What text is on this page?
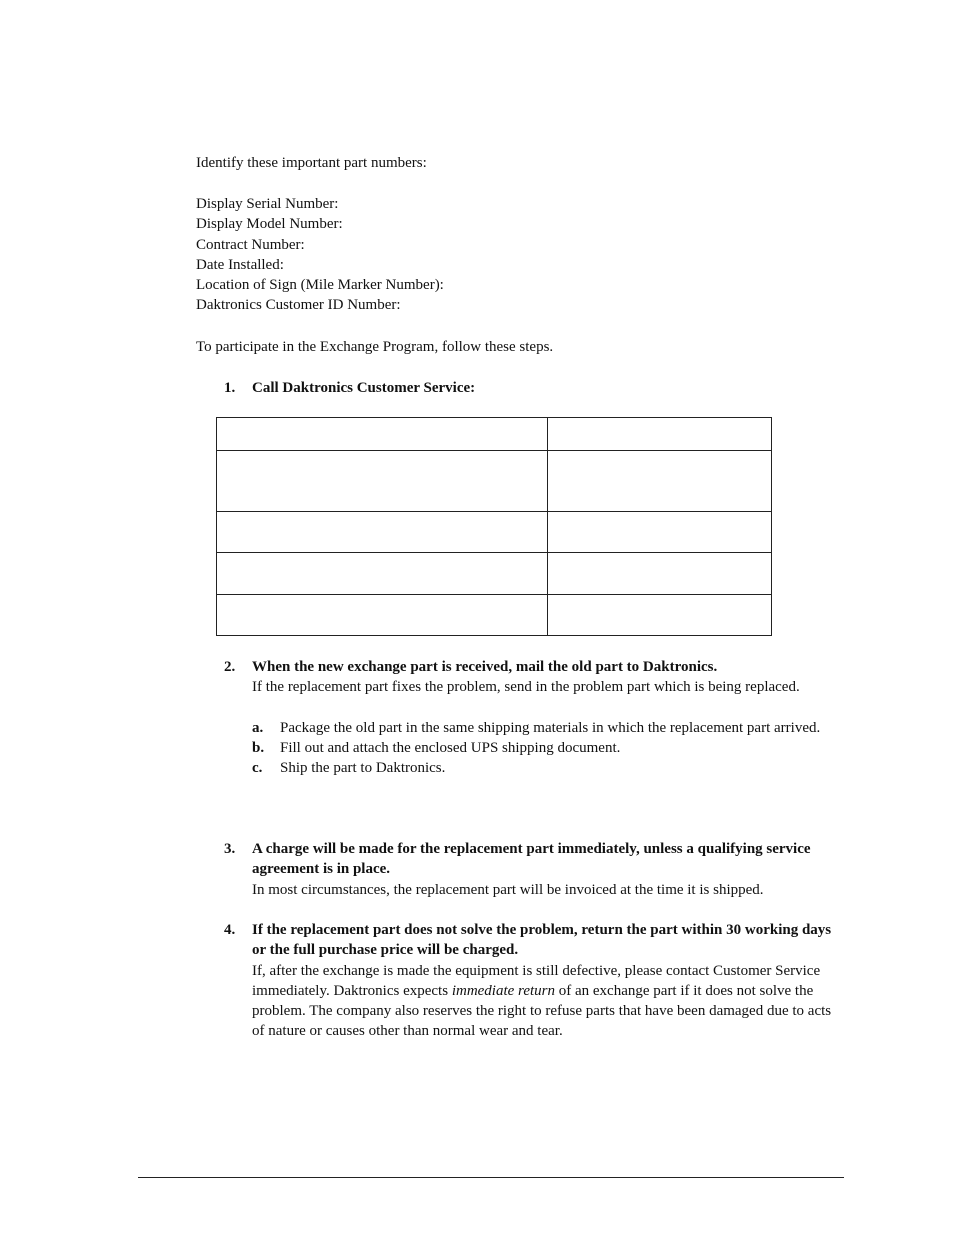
Identify these important part numbers:

Display Serial Number:
Display Model Number:
Contract Number:
Date Installed:
Location of Sign (Mile Marker Number):
Daktronics Customer ID Number:

To participate in the Exchange Program, follow these steps.

1. Call Daktronics Customer Service:

2. When the new exchange part is received, mail the old part to Daktronics.
If the replacement part fixes the problem, send in the problem part which is being replaced.
a. Package the old part in the same shipping materials in which the replacement part arrived.
b. Fill out and attach the enclosed UPS shipping document.
c. Ship the part to Daktronics.
3. A charge will be made for the replacement part immediately, unless a qualifying service agreement is in place.
In most circumstances, the replacement part will be invoiced at the time it is shipped.
4. If the replacement part does not solve the problem, return the part within 30 working days or the full purchase price will be charged.
If, after the exchange is made the equipment is still defective, please contact Customer Service immediately. Daktronics expects immediate return of an exchange part if it does not solve the problem. The company also reserves the right to refuse parts that have been damaged due to acts of nature or causes other than normal wear and tear.
